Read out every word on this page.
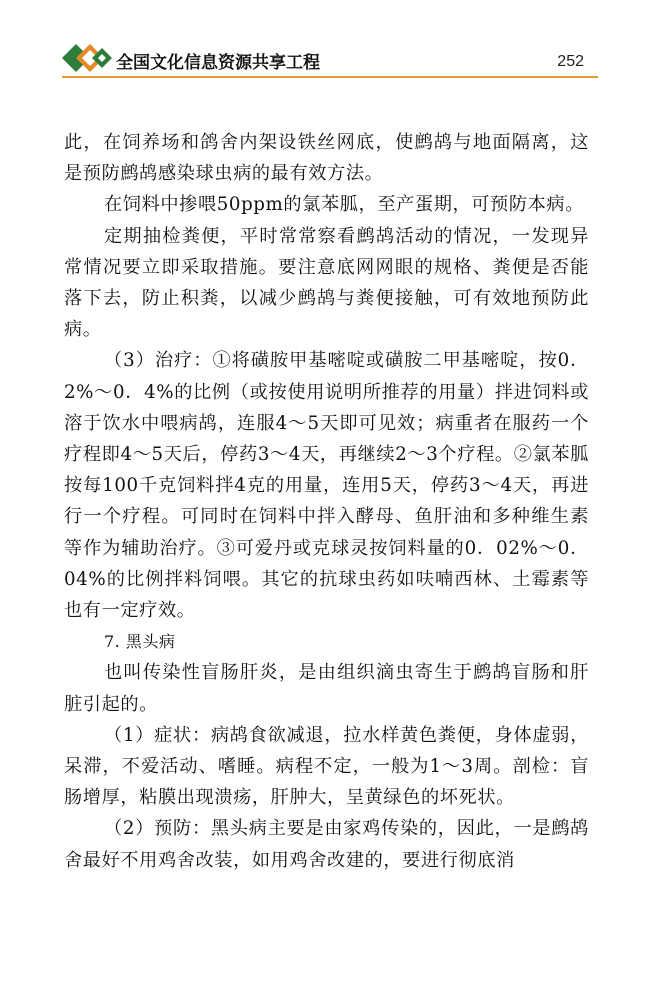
全国文化信息资源共享工程	252

此，在饲养场和鸽舍内架设铁丝网底，使鹧鸪与地面隔离，这是预防鹧鸪感染球虫病的最有效方法。

在饲料中掺喂50ppm的氯苯胍，至产蛋期，可预防本病。

定期抽检粪便，平时常常察看鹧鸪活动的情况，一发现异常情况要立即采取措施。要注意底网网眼的规格、粪便是否能落下去，防止积粪，以减少鹧鸪与粪便接触，可有效地预防此病。

（3）治疗：①将磺胺甲基嘧啶或磺胺二甲基嘧啶，按0．2%～0．4%的比例（或按使用说明所推荐的用量）拌进饲料或溶于饮水中喂病鸪，连服4～5天即可见效；病重者在服药一个疗程即4～5天后，停药3～4天，再继续2～3个疗程。②氯苯胍按每100千克饲料拌4克的用量，连用5天，停药3～4天，再进行一个疗程。可同时在饲料中拌入酵母、鱼肝油和多种维生素等作为辅助治疗。③可爱丹或克球灵按饲料量的0．02%～0．04%的比例拌料饲喂。其它的抗球虫药如呋喃西林、土霉素等也有一定疗效。

7. 黑头病

也叫传染性盲肠肝炎，是由组织滴虫寄生于鹧鸪盲肠和肝脏引起的。

（1）症状：病鸪食欲减退，拉水样黄色粪便，身体虚弱，呆滞，不爱活动、嗜睡。病程不定，一般为1～3周。剖检：盲肠增厚，粘膜出现溃疡，肝肿大，呈黄绿色的坏死状。

（2）预防：黑头病主要是由家鸡传染的，因此，一是鹧鸪舍最好不用鸡舍改装，如用鸡舍改建的，要进行彻底消
